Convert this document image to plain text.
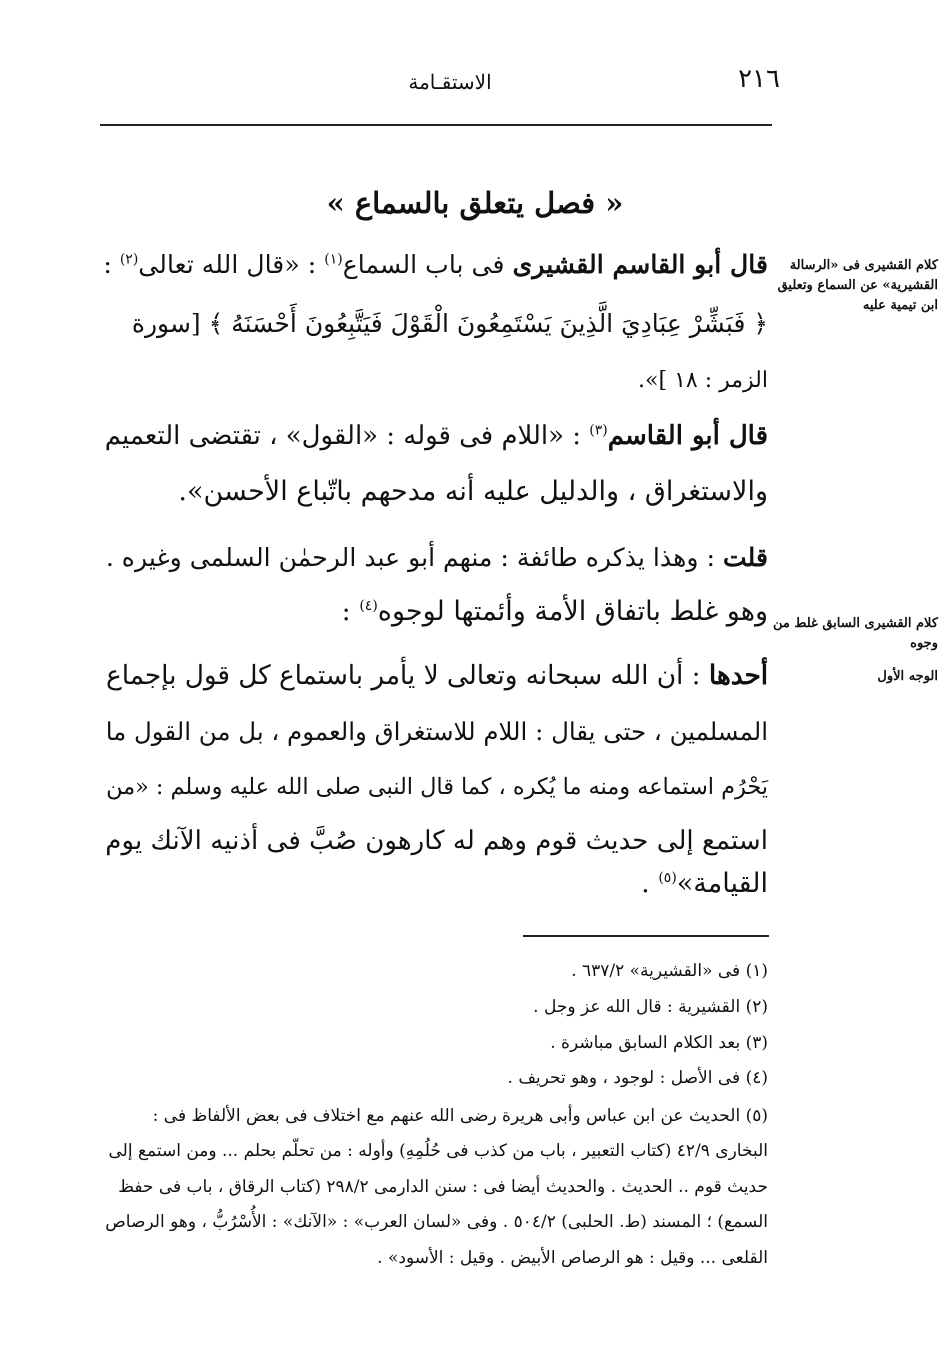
٢١٦
الاستقـامة
« فصل يتعلق بالسماع »
قال أبو القاسم القشيرى فى باب السماع$^{(١)}$ : «قال الله تعالى$^{(٢)}$ :
﴿ فَبَشِّرْ عِبَادِيَ الَّذِينَ يَسْتَمِعُونَ الْقَوْلَ فَيَتَّبِعُونَ أَحْسَنَهُ ﴾ [سورة
الزمر : ١٨ ]».
قال أبو القاسم$^{(٣)}$ : «اللام فى قوله : «القول» ، تقتضى التعميم
والاستغراق ، والدليل عليه أنه مدحهم باتّباع الأحسن».
قلت : وهذا يذكره طائفة : منهم أبو عبد الرحمٰن السلمى وغيره .
وهو غلط باتفاق الأمة وأئمتها لوجوه$^{(٤)}$ :
أحدها : أن الله سبحانه وتعالى لا يأمر باستماع كل قول بإجماع
المسلمين ، حتى يقال : اللام للاستغراق والعموم ، بل من القول ما
يَحْرُم استماعه ومنه ما يُكره ، كما قال النبى صلى الله عليه وسلم : «من
استمع إلى حديث قوم وهم له كارهون صُبَّ فى أذنيه الآنك يوم
القيامة»$^{(٥)}$ .
كلام القشيرى فى «الرسالة القشيرية» عن السماع وتعليق ابن تيمية عليه
كلام القشيرى السابق غلط من وجوه
الوجه الأول
(١) فى «القشيرية» ٦٣٧/٢ .
(٢) القشيرية : قال الله عز وجل .
(٣) بعد الكلام السابق مباشرة .
(٤) فى الأصل : لوجود ، وهو تحريف .
(٥) الحديث عن ابن عباس وأبى هريرة رضى الله عنهم مع اختلاف فى بعض الألفاظ فى :
البخارى ٤٢/٩ (كتاب التعبير ، باب من كذب فى حُلُمِهِ) وأوله : من تحلّم بحلم ... ومن استمع إلى
حديث قوم .. الحديث . والحديث أيضا فى : سنن الدارمى ٢٩٨/٢ (كتاب الرقاق ، باب فى حفظ
السمع) ؛ المسند (ط. الحلبى) ٥٠٤/٢ . وفى «لسان العرب» : «الآنك» : الأُسْرُبُّ ، وهو الرصاص
القلعى ... وقيل : هو الرصاص الأبيض . وقيل : الأسود» .
